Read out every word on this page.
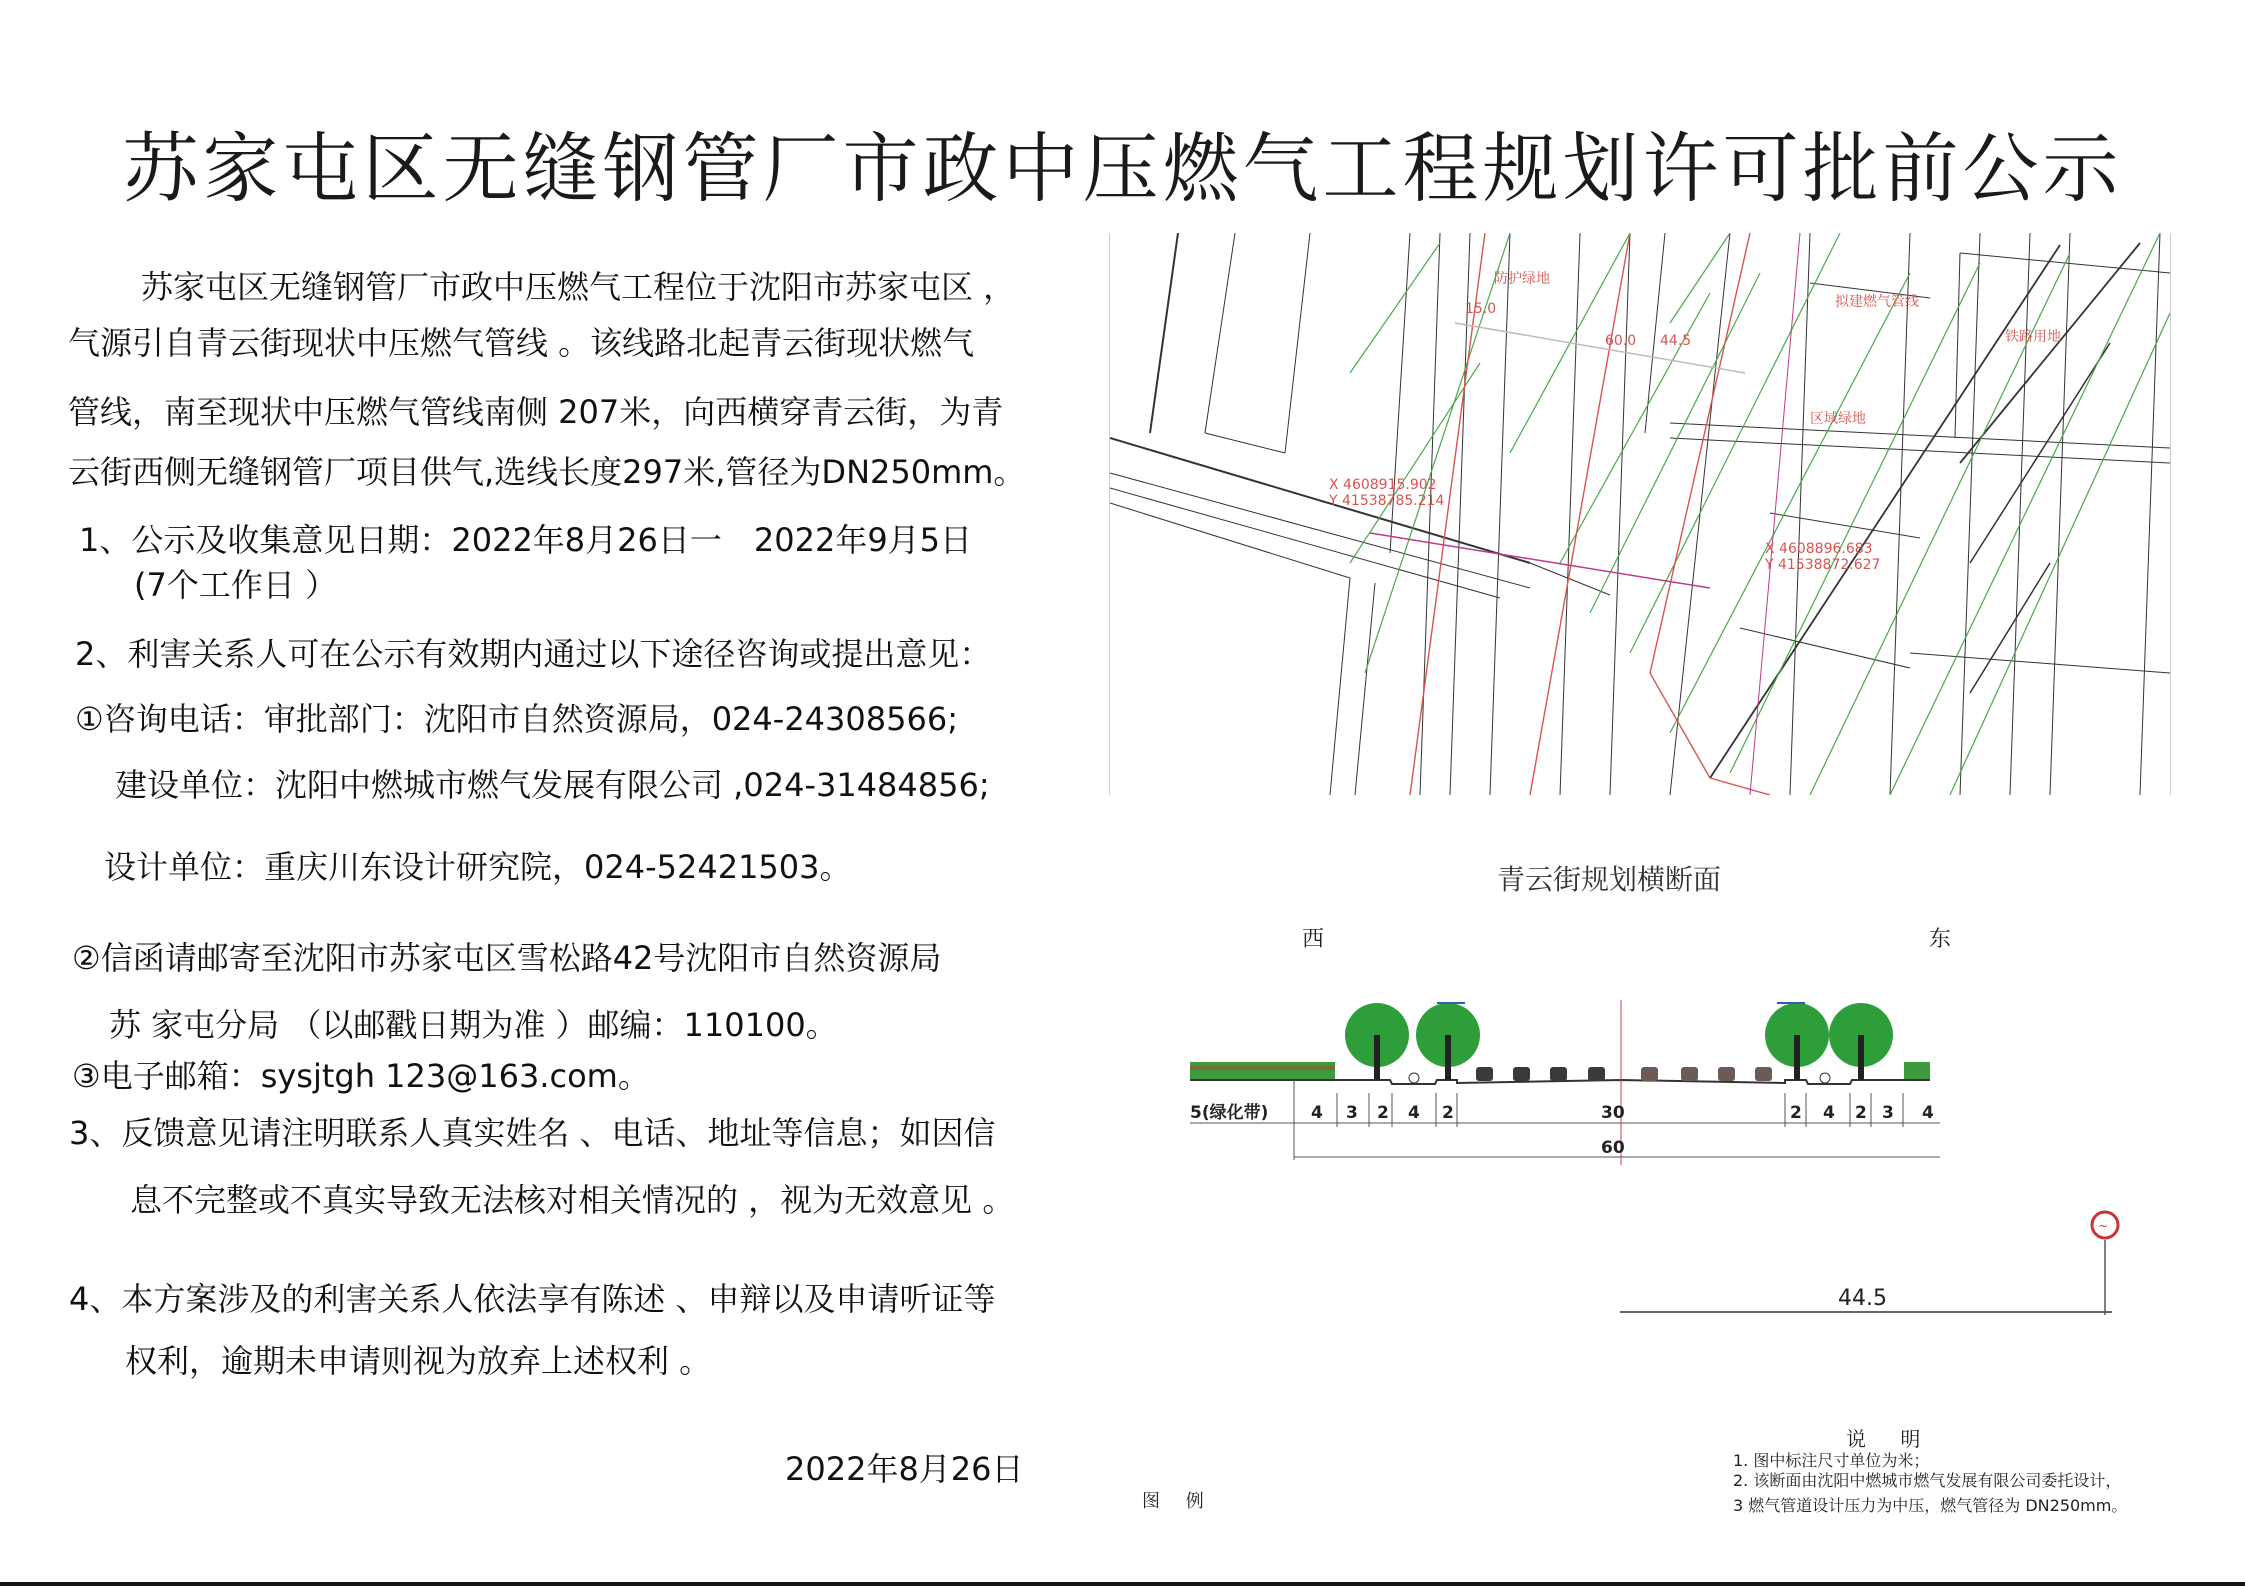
苏家屯区无缝钢管厂市政中压燃气工程规划许可批前公示
苏家屯区无缝钢管厂市政中压燃气工程位于沈阳市苏家屯区 ，
气源引自青云街现状中压燃气管线 。该线路北起青云街现状燃气
管线，南至现状中压燃气管线南侧 207米，向西横穿青云街，为青
云街西侧无缝钢管厂项目供气,选线长度297米,管径为DN250mm。
1、公示及收集意见日期：2022年8月26日一　2022年9月5日
(7个工作日 ）
2、利害关系人可在公示有效期内通过以下途径咨询或提出意见：
①咨询电话：审批部门：沈阳市自然资源局，024-24308566;
建设单位：沈阳中燃城市燃气发展有限公司 ,024-31484856;
设计单位：重庆川东设计研究院，024-52421503。
②信函请邮寄至沈阳市苏家屯区雪松路42号沈阳市自然资源局
苏 家屯分局 （以邮戳日期为准 ）邮编：110100。
③电子邮箱：sysjtgh 123@163.com。
3、反馈意见请注明联系人真实姓名 、电话、地址等信息；如因信
息不完整或不真实导致无法核对相关情况的 ，视为无效意见 。
4、本方案涉及的利害关系人依法享有陈述 、申辩以及申请听证等
权利，逾期未申请则视为放弃上述权利 。
2022年8月26日
防护绿地
15.0
60.0 44.5
拟建燃气管线
铁路用地
区域绿地
X 4608915.902
Y 41538785.214
X 4608896.683
Y 41538872.627
青云街规划横断面
西	东
5(绿化带)	4 3 2 4 2	30	2 4 2 3 4
60
~
44.5
说 明
1. 图中标注尺寸单位为米；
2. 该断面由沈阳中燃城市燃气发展有限公司委托设计，
3 燃气管道设计压力为中压，燃气管径为 DN250mm。
图 例
